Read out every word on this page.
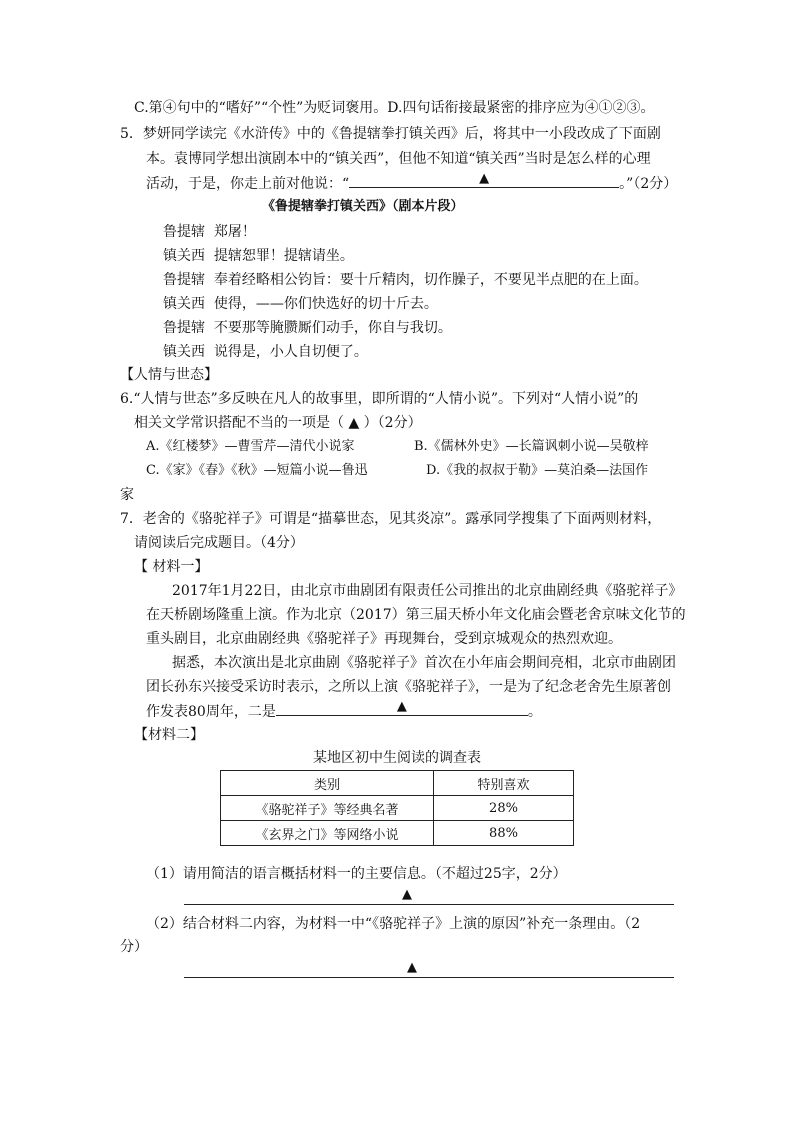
C.第④句中的“嗜好”“个性”为贬词褒用。D.四句话衔接最紧密的排序应为④①②③。
5．梦妍同学读完《水浒传》中的《鲁提辖拳打镇关西》后，将其中一小段改成了下面剧
本。袁博同学想出演剧本中的“镇关西”，但他不知道“镇关西”当时是怎么样的心理
活动，于是，你走上前对他说：“	▲	。”（2分）
《鲁提辖拳打镇关西》（剧本片段）
鲁提辖 郑屠！
镇关西 提辖恕罪！提辖请坐。
鲁提辖 奉着经略相公钧旨：要十斤精肉，切作臊子，不要见半点肥的在上面。
镇关西 使得，——你们快选好的切十斤去。
鲁提辖 不要那等腌臜厮们动手，你自与我切。
镇关西 说得是，小人自切便了。
【人情与世态】
6.“人情与世态”多反映在凡人的故事里，即所谓的“人情小说”。下列对“人情小说”的
相关文学常识搭配不当的一项是（ ▲ ）（2分）
A.《红楼梦》—曹雪芹—清代小说家	B.《儒林外史》—长篇讽刺小说—吴敬梓
C.《家》《春》《秋》—短篇小说—鲁迅	D.《我的叔叔于勒》—莫泊桑—法国作
家
7．老舍的《骆驼祥子》可谓是“描摹世态，见其炎凉”。露承同学搜集了下面两则材料，
请阅读后完成题目。（4分）
【 材料一】
2017年1月22日，由北京市曲剧团有限责任公司推出的北京曲剧经典《骆驼祥子》
在天桥剧场隆重上演。作为北京（2017）第三届天桥小年文化庙会暨老舍京味文化节的
重头剧目，北京曲剧经典《骆驼祥子》再现舞台，受到京城观众的热烈欢迎。
据悉，本次演出是北京曲剧《骆驼祥子》首次在小年庙会期间亮相，北京市曲剧团
团长孙东兴接受采访时表示，之所以上演《骆驼祥子》，一是为了纪念老舍先生原著创
作发表80周年，二是	▲	。
【材料二】
某地区初中生阅读的调查表
类别	特别喜欢
《骆驼祥子》等经典名著	28%
《玄界之门》等网络小说	88%
（1）请用简洁的语言概括材料一的主要信息。（不超过25字，2分）
▲
（2）结合材料二内容，为材料一中“《骆驼祥子》上演的原因”补充一条理由。（2
分）
▲
